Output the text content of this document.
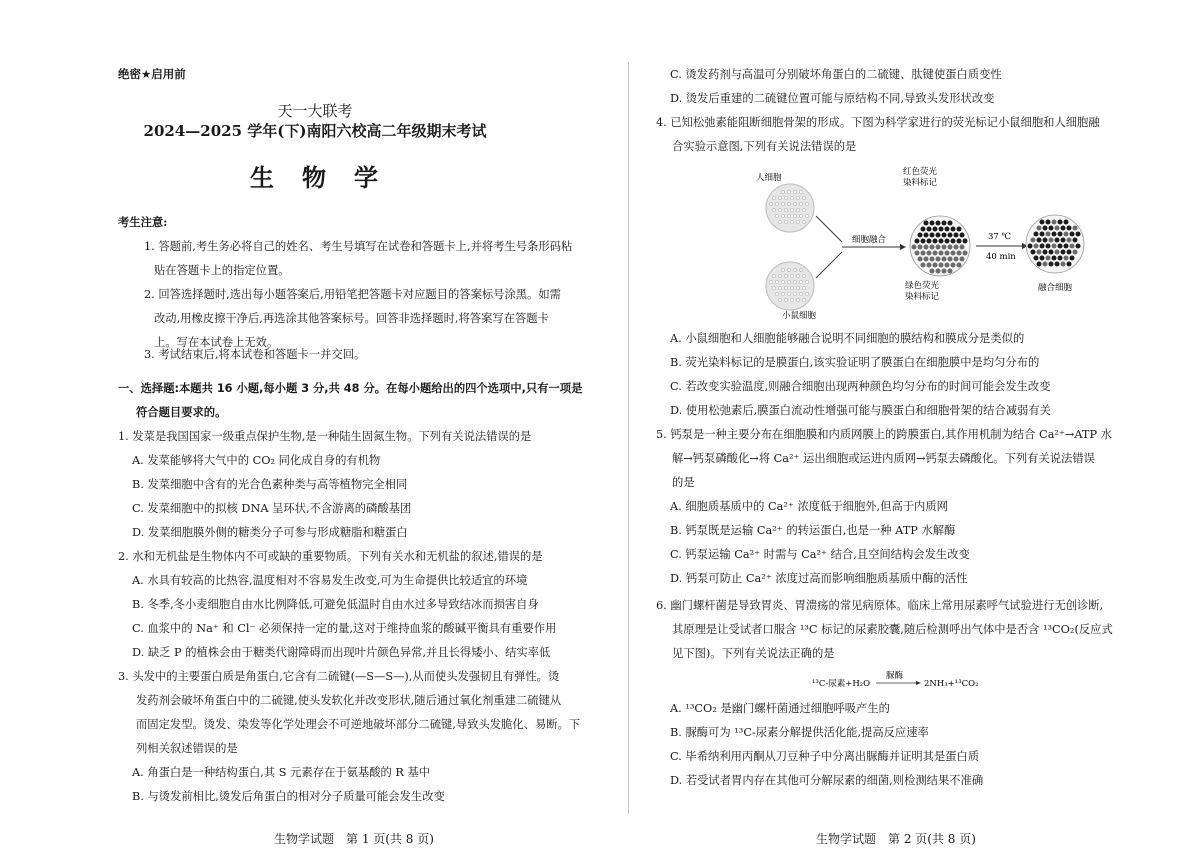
绝密★启用前
天一大联考
2024—2025 学年(下)南阳六校高二年级期末考试
生　物　学
考生注意:
1. 答题前,考生务必将自己的姓名、考生号填写在试卷和答题卡上,并将考生号条形码粘
贴在答题卡上的指定位置。
2. 回答选择题时,选出每小题答案后,用铅笔把答题卡对应题目的答案标号涂黑。如需
改动,用橡皮擦干净后,再选涂其他答案标号。回答非选择题时,将答案写在答题卡
上。写在本试卷上无效。
3. 考试结束后,将本试卷和答题卡一并交回。
一、选择题:本题共 16 小题,每小题 3 分,共 48 分。在每小题给出的四个选项中,只有一项是
符合题目要求的。
1. 发菜是我国国家一级重点保护生物,是一种陆生固氮生物。下列有关说法错误的是
A. 发菜能够将大气中的 CO₂ 同化成自身的有机物
B. 发菜细胞中含有的光合色素种类与高等植物完全相同
C. 发菜细胞中的拟核 DNA 呈环状,不含游离的磷酸基团
D. 发菜细胞膜外侧的糖类分子可参与形成糖脂和糖蛋白
2. 水和无机盐是生物体内不可或缺的重要物质。下列有关水和无机盐的叙述,错误的是
A. 水具有较高的比热容,温度相对不容易发生改变,可为生命提供比较适宜的环境
B. 冬季,冬小麦细胞自由水比例降低,可避免低温时自由水过多导致结冰而损害自身
C. 血浆中的 Na⁺ 和 Cl⁻ 必须保持一定的量,这对于维持血浆的酸碱平衡具有重要作用
D. 缺乏 P 的植株会由于糖类代谢障碍而出现叶片颜色异常,并且长得矮小、结实率低
3. 头发中的主要蛋白质是角蛋白,它含有二硫键(—S—S—),从而使头发强韧且有弹性。烫
发药剂会破坏角蛋白中的二硫键,使头发软化并改变形状,随后通过氧化剂重建二硫键从
而固定发型。烫发、染发等化学处理会不可逆地破坏部分二硫键,导致头发脆化、易断。下
列相关叙述错误的是
A. 角蛋白是一种结构蛋白,其 S 元素存在于氨基酸的 R 基中
B. 与烫发前相比,烫发后角蛋白的相对分子质量可能会发生改变
生物学试题　第 1 页(共 8 页)
C. 烫发药剂与高温可分别破坏角蛋白的二硫键、肽键使蛋白质变性
D. 烫发后重建的二硫键位置可能与原结构不同,导致头发形状改变
4. 已知松弛素能阻断细胞骨架的形成。下图为科学家进行的荧光标记小鼠细胞和人细胞融
合实验示意图,下列有关说法错误的是
人细胞
小鼠细胞
细胞融合
红色荧光
染料标记
绿色荧光
染料标记
37 ℃
40 min
融合细胞
A. 小鼠细胞和人细胞能够融合说明不同细胞的膜结构和膜成分是类似的
B. 荧光染料标记的是膜蛋白,该实验证明了膜蛋白在细胞膜中是均匀分布的
C. 若改变实验温度,则融合细胞出现两种颜色均匀分布的时间可能会发生改变
D. 使用松弛素后,膜蛋白流动性增强可能与膜蛋白和细胞骨架的结合减弱有关
5. 钙泵是一种主要分布在细胞膜和内质网膜上的跨膜蛋白,其作用机制为结合 Ca²⁺→ATP 水
解→钙泵磷酸化→将 Ca²⁺ 运出细胞或运进内质网→钙泵去磷酸化。下列有关说法错误
的是
A. 细胞质基质中的 Ca²⁺ 浓度低于细胞外,但高于内质网
B. 钙泵既是运输 Ca²⁺ 的转运蛋白,也是一种 ATP 水解酶
C. 钙泵运输 Ca²⁺ 时需与 Ca²⁺ 结合,且空间结构会发生改变
D. 钙泵可防止 Ca²⁺ 浓度过高而影响细胞质基质中酶的活性
6. 幽门螺杆菌是导致胃炎、胃溃疡的常见病原体。临床上常用尿素呼气试验进行无创诊断,
其原理是让受试者口服含 ¹³C 标记的尿素胶囊,随后检测呼出气体中是否含 ¹³CO₂(反应式
见下图)。下列有关说法正确的是
¹³C-尿素+H₂O
脲酶
2NH₃+¹³CO₂
A. ¹³CO₂ 是幽门螺杆菌通过细胞呼吸产生的
B. 脲酶可为 ¹³C-尿素分解提供活化能,提高反应速率
C. 毕希纳利用丙酮从刀豆种子中分离出脲酶并证明其是蛋白质
D. 若受试者胃内存在其他可分解尿素的细菌,则检测结果不准确
生物学试题　第 2 页(共 8 页)
